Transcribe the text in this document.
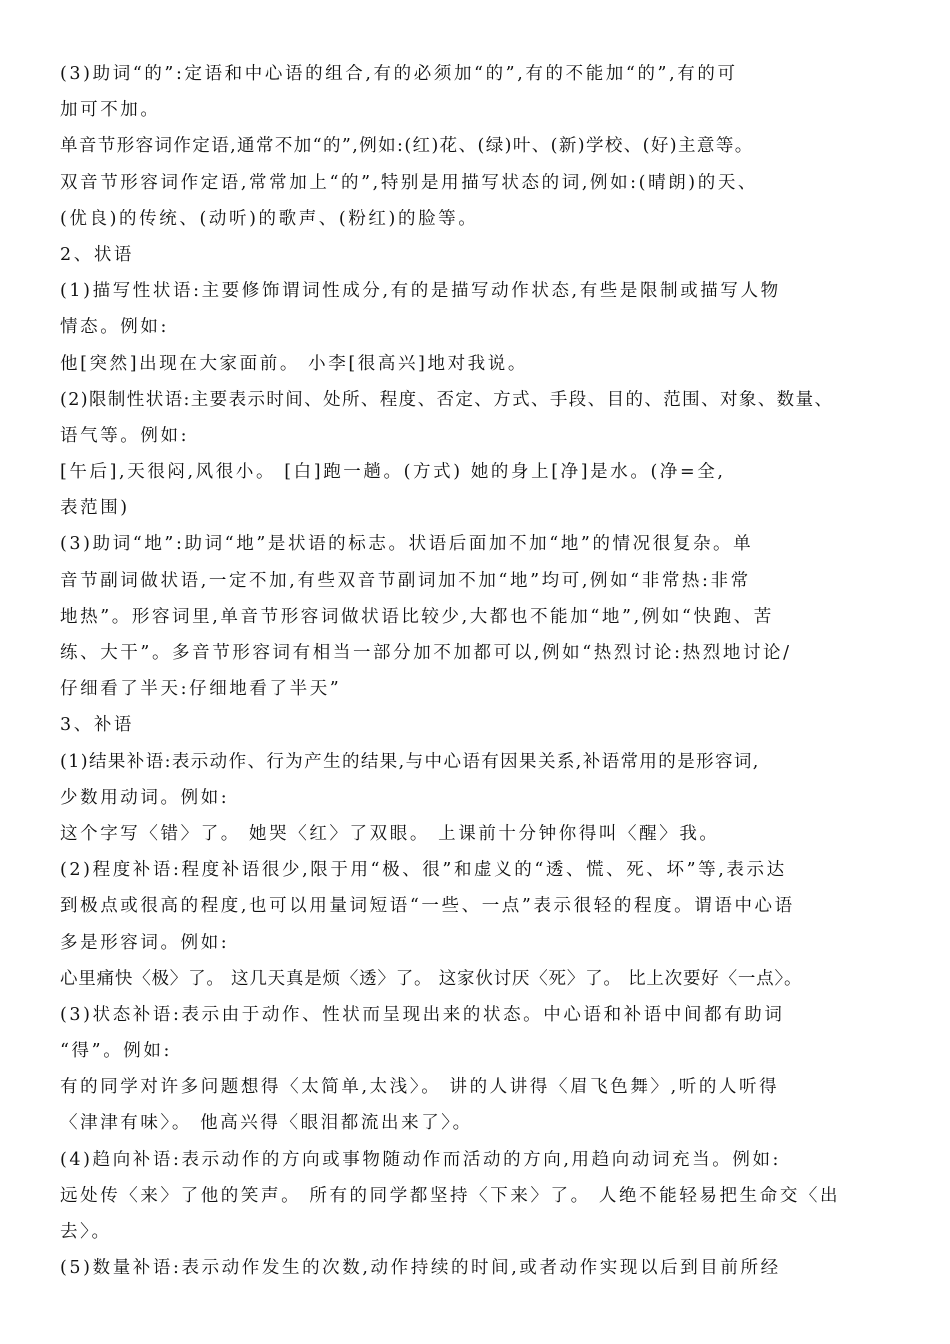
(3)助词“的”:定语和中心语的组合,有的必须加“的”,有的不能加“的”,有的可
加可不加。
单音节形容词作定语,通常不加“的”,例如:(红)花、(绿)叶、(新)学校、(好)主意等。
双音节形容词作定语,常常加上“的”,特别是用描写状态的词,例如:(晴朗)的天、
(优良)的传统、(动听)的歌声、(粉红)的脸等。
2、状语
(1)描写性状语:主要修饰谓词性成分,有的是描写动作状态,有些是限制或描写人物
情态。例如:
他[突然]出现在大家面前。 小李[很高兴]地对我说。
(2)限制性状语:主要表示时间、处所、程度、否定、方式、手段、目的、范围、对象、数量、
语气等。例如:
[午后],天很闷,风很小。 [白]跑一趟。(方式) 她的身上[净]是水。(净=全,
表范围)
(3)助词“地”:助词“地”是状语的标志。状语后面加不加“地”的情况很复杂。单
音节副词做状语,一定不加,有些双音节副词加不加“地”均可,例如“非常热:非常
地热”。形容词里,单音节形容词做状语比较少,大都也不能加“地”,例如“快跑、苦
练、大干”。多音节形容词有相当一部分加不加都可以,例如“热烈讨论:热烈地讨论/
仔细看了半天:仔细地看了半天”
3、补语
(1)结果补语:表示动作、行为产生的结果,与中心语有因果关系,补语常用的是形容词,
少数用动词。例如:
这个字写〈错〉了。 她哭〈红〉了双眼。 上课前十分钟你得叫〈醒〉我。
(2)程度补语:程度补语很少,限于用“极、很”和虚义的“透、慌、死、坏”等,表示达
到极点或很高的程度,也可以用量词短语“一些、一点”表示很轻的程度。谓语中心语
多是形容词。例如:
心里痛快〈极〉了。 这几天真是烦〈透〉了。 这家伙讨厌〈死〉了。 比上次要好〈一点〉。
(3)状态补语:表示由于动作、性状而呈现出来的状态。中心语和补语中间都有助词
“得”。例如:
有的同学对许多问题想得〈太简单,太浅〉。 讲的人讲得〈眉飞色舞〉,听的人听得
〈津津有味〉。 他高兴得〈眼泪都流出来了〉。
(4)趋向补语:表示动作的方向或事物随动作而活动的方向,用趋向动词充当。例如:
远处传〈来〉了他的笑声。 所有的同学都坚持〈下来〉了。 人绝不能轻易把生命交〈出
去〉。
(5)数量补语:表示动作发生的次数,动作持续的时间,或者动作实现以后到目前所经
